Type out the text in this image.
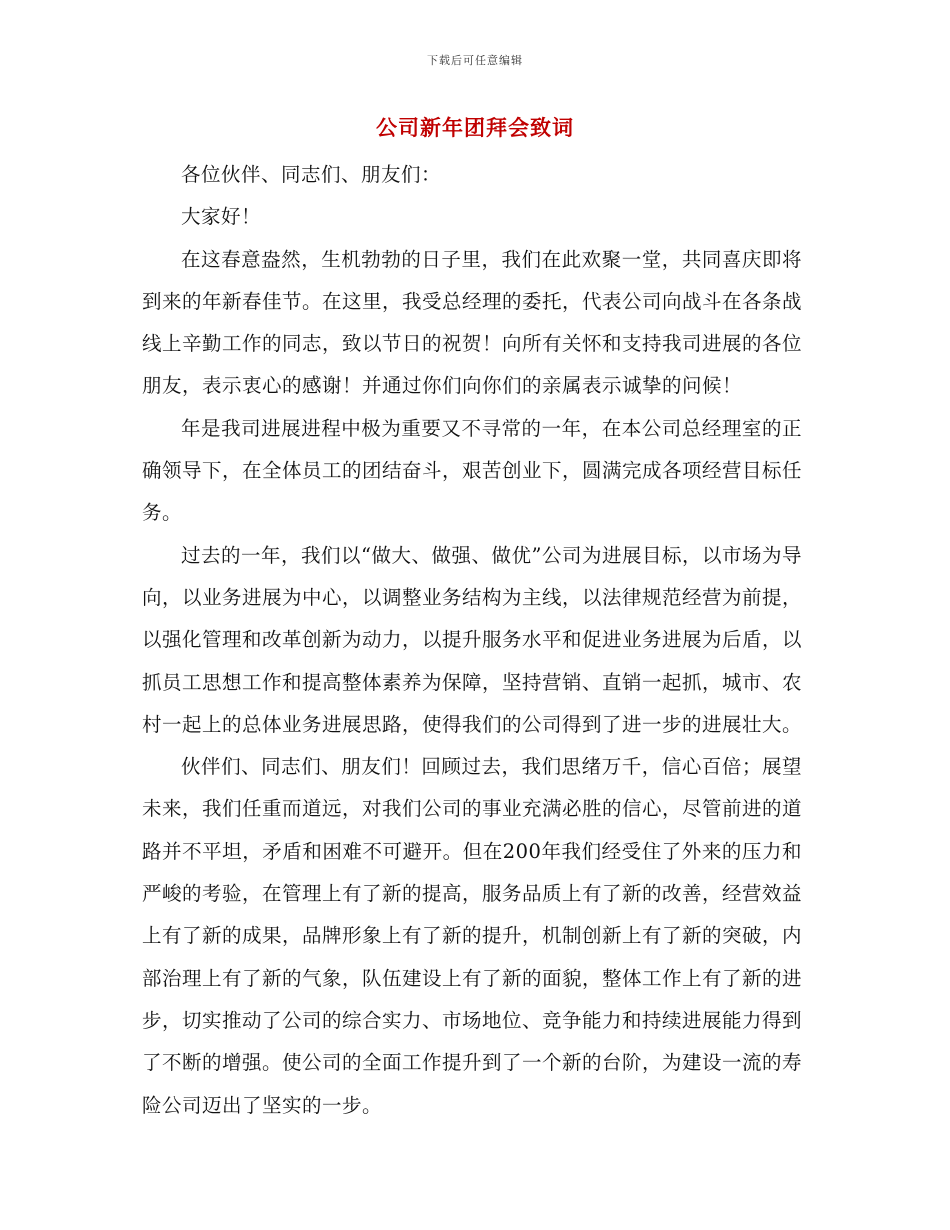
下载后可任意编辑
公司新年团拜会致词

各位伙伴、同志们、朋友们：

大家好！

在这春意盎然，生机勃勃的日子里，我们在此欢聚一堂，共同喜庆即将到来的年新春佳节。在这里，我受总经理的委托，代表公司向战斗在各条战线上辛勤工作的同志，致以节日的祝贺！向所有关怀和支持我司进展的各位朋友，表示衷心的感谢！并通过你们向你们的亲属表示诚挚的问候！

年是我司进展进程中极为重要又不寻常的一年，在本公司总经理室的正确领导下，在全体员工的团结奋斗，艰苦创业下，圆满完成各项经营目标任务。

过去的一年，我们以“做大、做强、做优”公司为进展目标，以市场为导向，以业务进展为中心，以调整业务结构为主线，以法律规范经营为前提，以强化管理和改革创新为动力，以提升服务水平和促进业务进展为后盾，以抓员工思想工作和提高整体素养为保障，坚持营销、直销一起抓，城市、农村一起上的总体业务进展思路，使得我们的公司得到了进一步的进展壮大。

伙伴们、同志们、朋友们！回顾过去，我们思绪万千，信心百倍；展望未来，我们任重而道远，对我们公司的事业充满必胜的信心，尽管前进的道路并不平坦，矛盾和困难不可避开。但在200年我们经受住了外来的压力和严峻的考验，在管理上有了新的提高，服务品质上有了新的改善，经营效益上有了新的成果，品牌形象上有了新的提升，机制创新上有了新的突破，内部治理上有了新的气象，队伍建设上有了新的面貌，整体工作上有了新的进步，切实推动了公司的综合实力、市场地位、竞争能力和持续进展能力得到了不断的增强。使公司的全面工作提升到了一个新的台阶，为建设一流的寿险公司迈出了坚实的一步。
